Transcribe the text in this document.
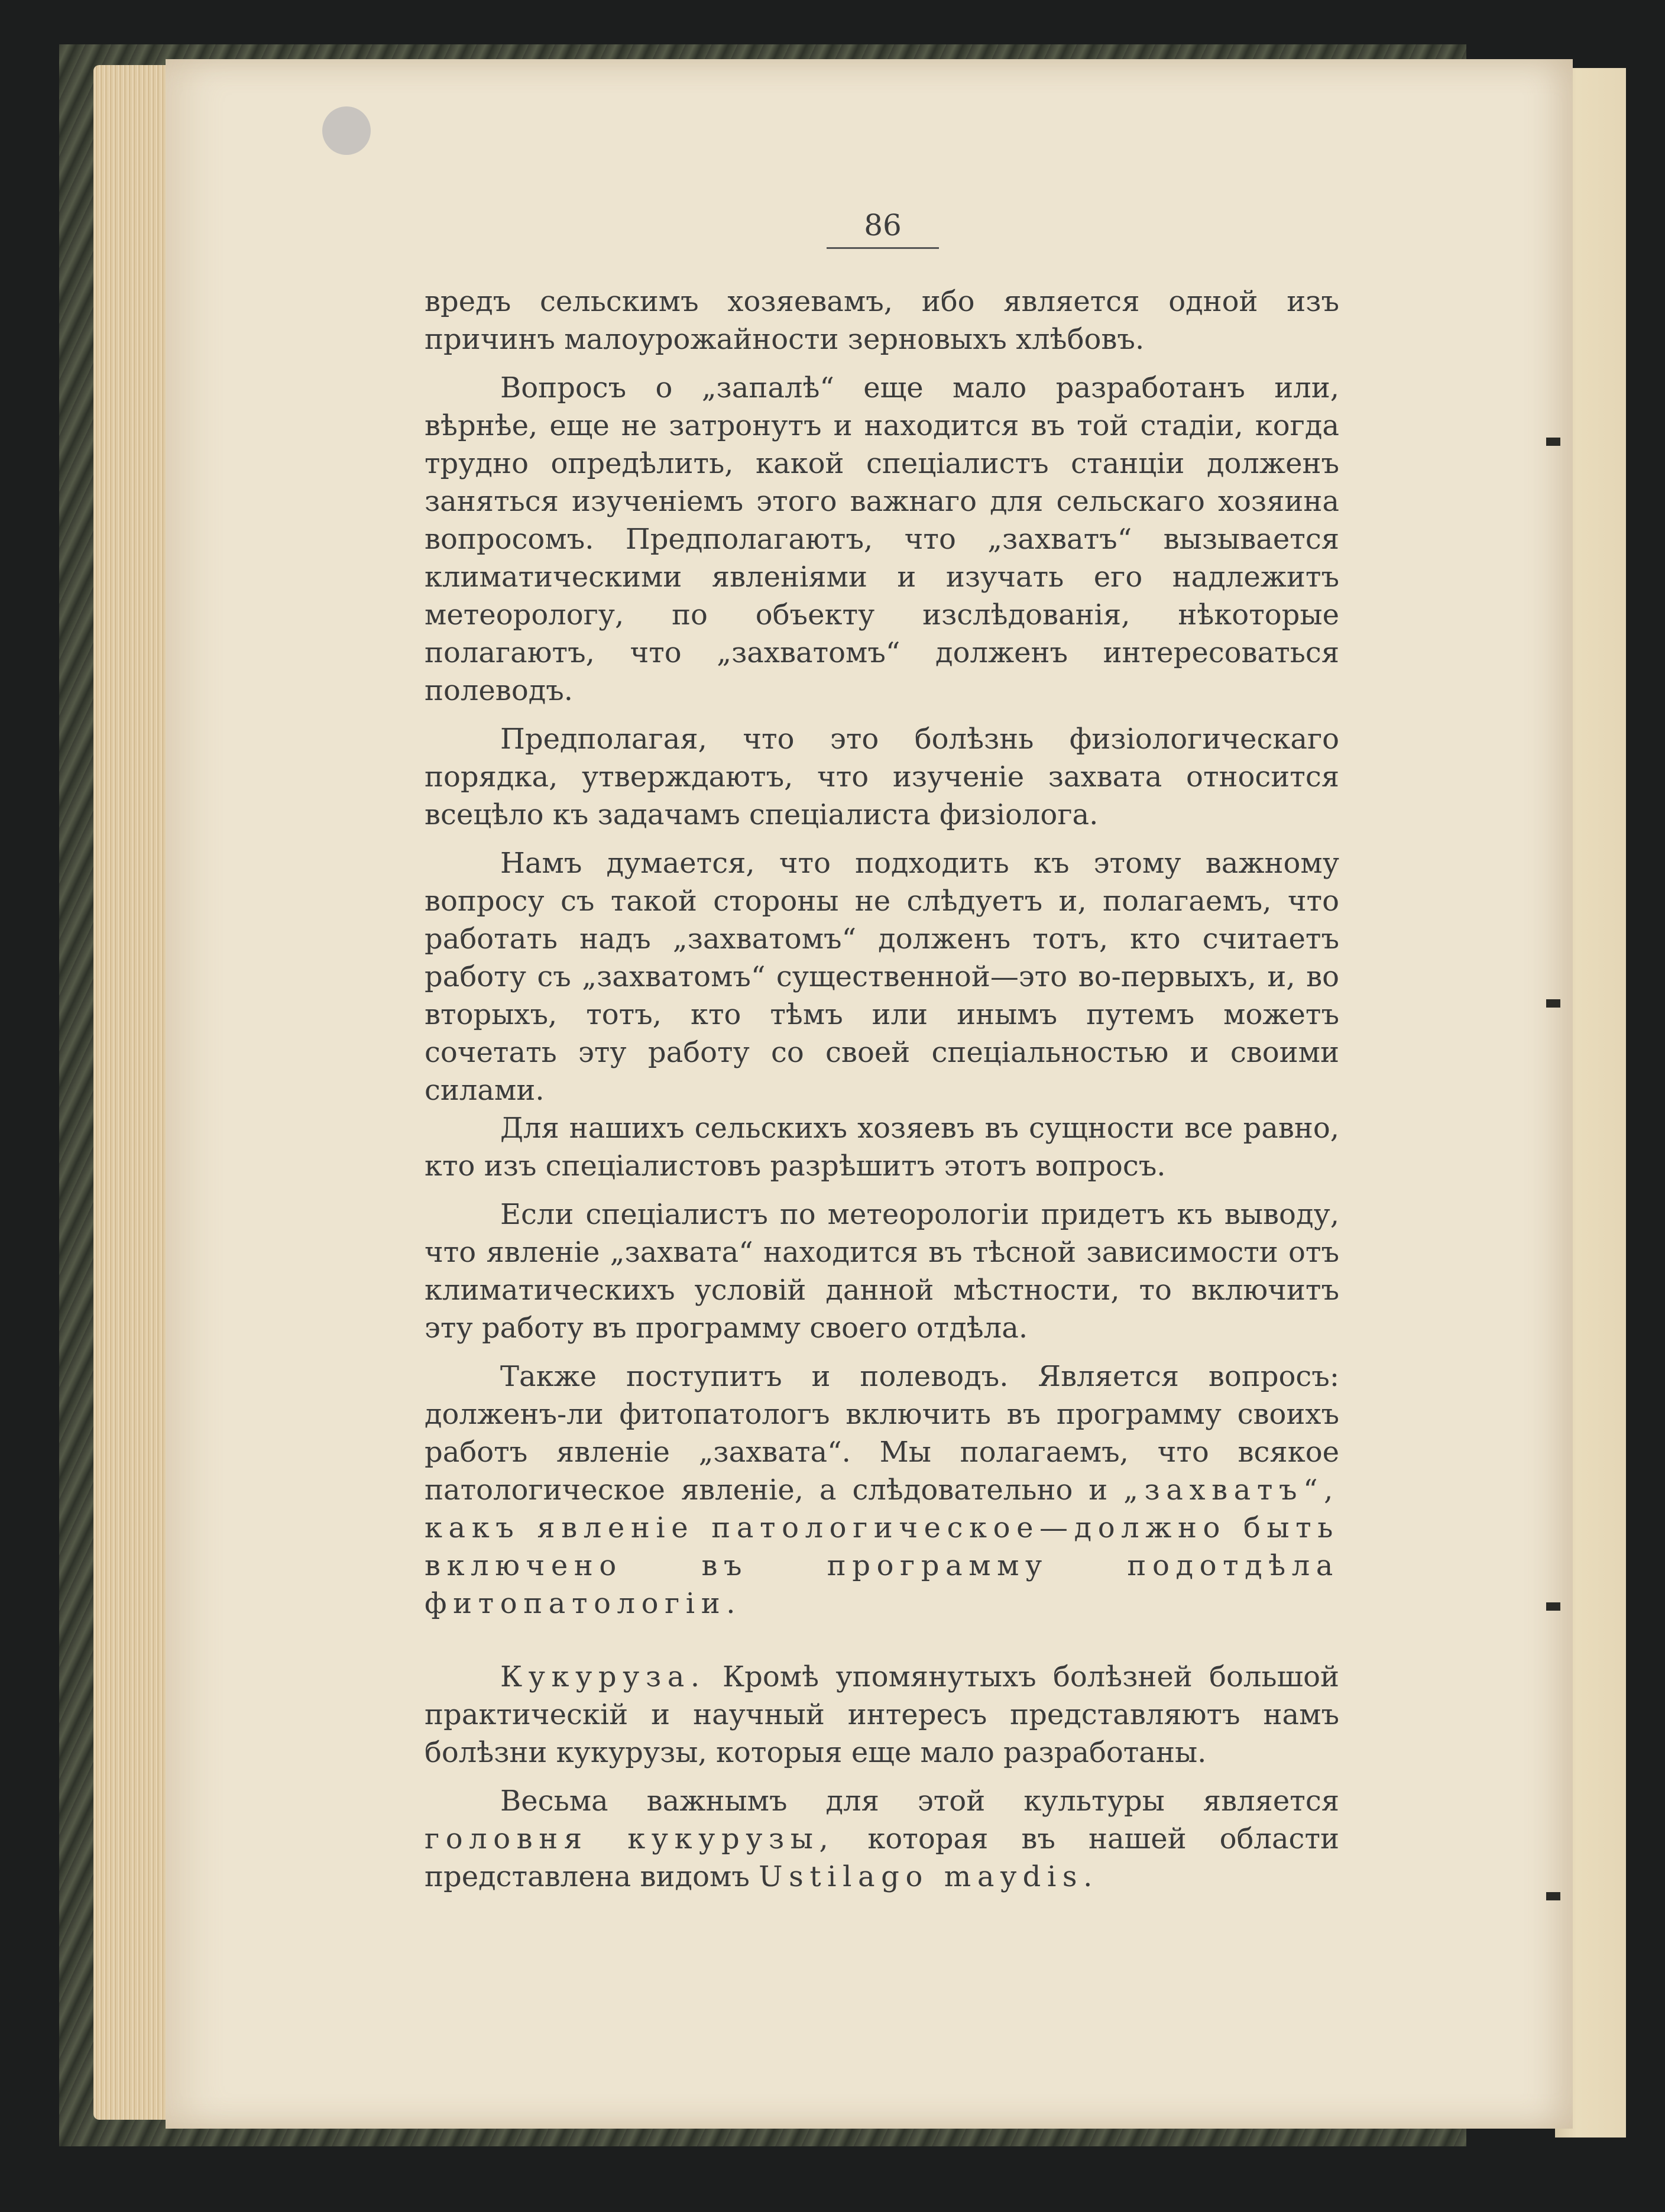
86

вредъ сельскимъ хозяевамъ, ибо является одной изъ причинъ малоурожайности зерновыхъ хлѣбовъ.

Вопросъ о „запалѣ“ еще мало разработанъ или, вѣрнѣе, еще не затронутъ и находится въ той стадіи, когда трудно опредѣлить, какой спеціалистъ станціи долженъ заняться изученіемъ этого важнаго для сельскаго хозяина вопросомъ. Предполагаютъ, что „захватъ“ вызывается климатическими явленіями и изучать его надлежитъ метеорологу, по объекту изслѣдованія, нѣкоторые полагаютъ, что „захватомъ“ долженъ интересоваться полеводъ.

Предполагая, что это болѣзнь физіологическаго порядка, утверждаютъ, что изученіе захвата относится всецѣло къ задачамъ спеціалиста физіолога.

Намъ думается, что подходить къ этому важному вопросу съ такой стороны не слѣдуетъ и, полагаемъ, что работать надъ „захватомъ“ долженъ тотъ, кто считаетъ работу съ „захватомъ“ существенной—это во-первыхъ, и, во вторыхъ, тотъ, кто тѣмъ или инымъ путемъ можетъ сочетать эту работу со своей спеціальностью и своими силами.

Для нашихъ сельскихъ хозяевъ въ сущности все равно, кто изъ спеціалистовъ разрѣшитъ этотъ вопросъ.

Если спеціалистъ по метеорологіи придетъ къ выводу, что явленіе „захвата“ находится въ тѣсной зависимости отъ климатическихъ условій данной мѣстности, то включитъ эту работу въ программу своего отдѣла.

Также поступитъ и полеводъ. Является вопросъ: долженъ-ли фитопатологъ включить въ программу своихъ работъ явленіе „захвата“. Мы полагаемъ, что всякое патологическое явленіе, а слѣдовательно и „захватъ“, какъ явленіе патологическое—должно быть включено въ программу подотдѣла фитопатологіи.

Кукуруза. Кромѣ упомянутыхъ болѣзней большой практическій и научный интересъ представляютъ намъ болѣзни кукурузы, которыя еще мало разработаны.

Весьма важнымъ для этой культуры является головня кукурузы, которая въ нашей области представлена видомъ Ustilago maydis.
